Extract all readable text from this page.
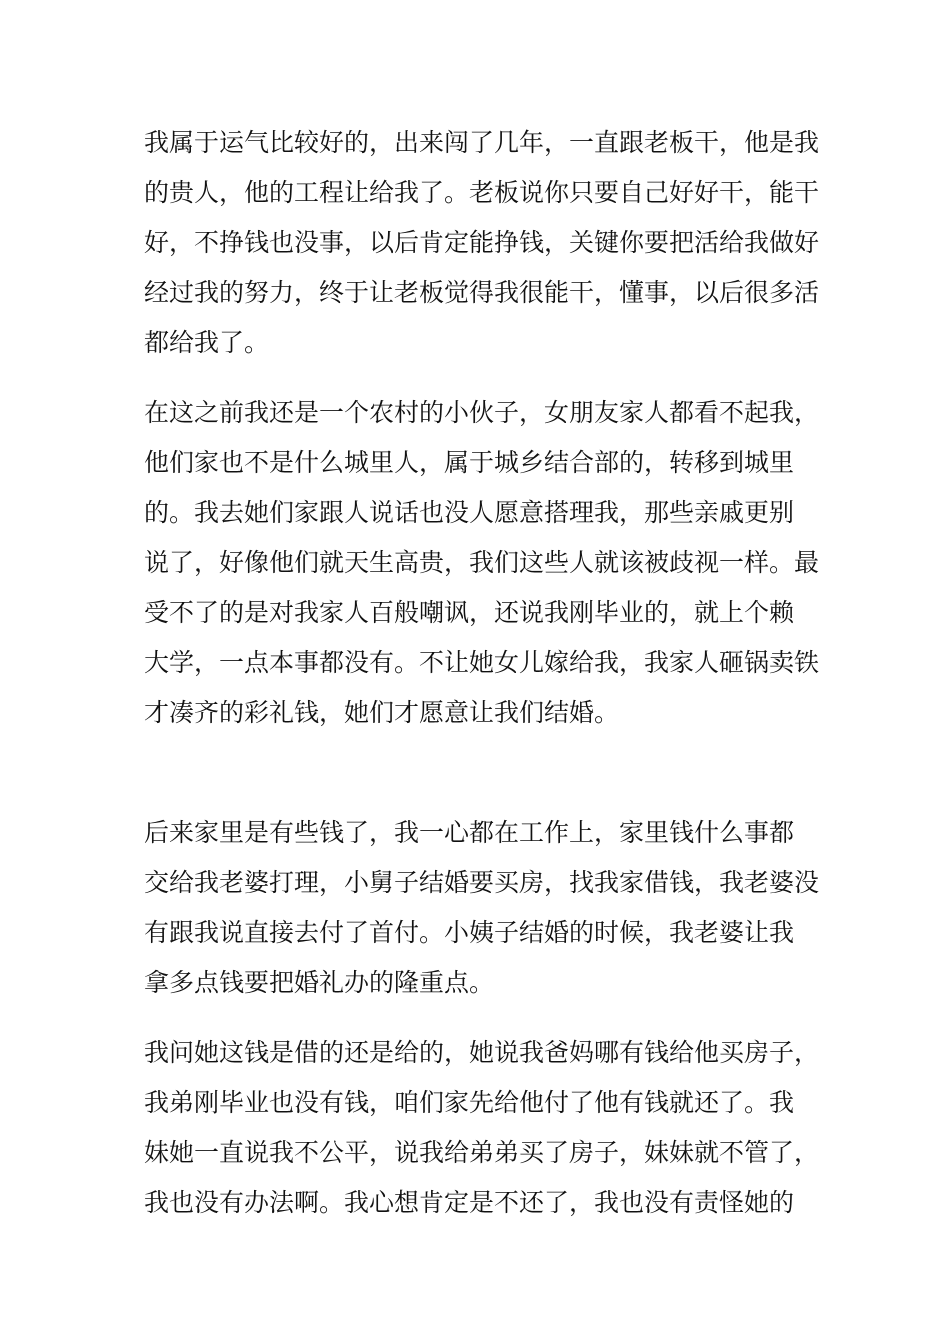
我属于运气比较好的，出来闯了几年，一直跟老板干，他是我
的贵人，他的工程让给我了。老板说你只要自己好好干，能干
好，不挣钱也没事，以后肯定能挣钱，关键你要把活给我做好
经过我的努力，终于让老板觉得我很能干，懂事，以后很多活
都给我了。
在这之前我还是一个农村的小伙子，女朋友家人都看不起我，
他们家也不是什么城里人，属于城乡结合部的，转移到城里
的。我去她们家跟人说话也没人愿意搭理我，那些亲戚更别
说了，好像他们就天生高贵，我们这些人就该被歧视一样。最
受不了的是对我家人百般嘲讽，还说我刚毕业的，就上个赖
大学，一点本事都没有。不让她女儿嫁给我，我家人砸锅卖铁
才凑齐的彩礼钱，她们才愿意让我们结婚。
后来家里是有些钱了，我一心都在工作上，家里钱什么事都
交给我老婆打理，小舅子结婚要买房，找我家借钱，我老婆没
有跟我说直接去付了首付。小姨子结婚的时候，我老婆让我
拿多点钱要把婚礼办的隆重点。
我问她这钱是借的还是给的，她说我爸妈哪有钱给他买房子，
我弟刚毕业也没有钱，咱们家先给他付了他有钱就还了。我
妹她一直说我不公平，说我给弟弟买了房子，妹妹就不管了，
我也没有办法啊。我心想肯定是不还了，我也没有责怪她的
